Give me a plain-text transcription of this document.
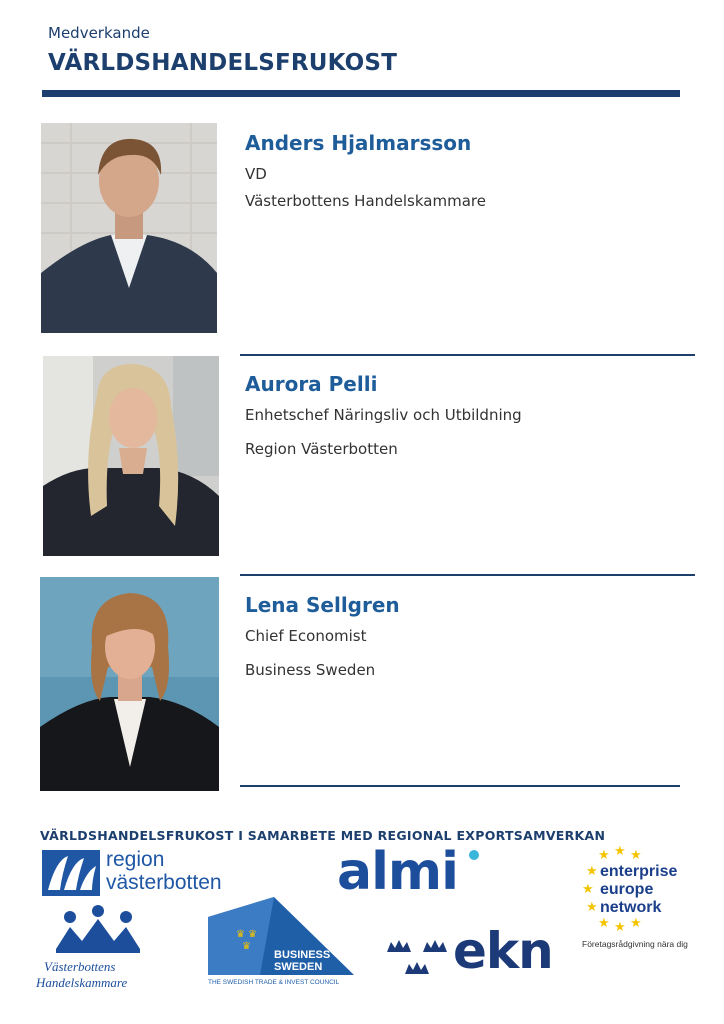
Medverkande
VÄRLDSHANDELSFRUKOST
Anders Hjalmarsson
VD
Västerbottens Handelskammare
Aurora Pelli
Enhetschef Näringsliv och Utbildning
Region Västerbotten
Lena Sellgren
Chief Economist
Business Sweden
VÄRLDSHANDELSFRUKOST I SAMARBETE MED REGIONAL EXPORTSAMVERKAN
region
västerbotten almi	★ ★ ★
★
★
★
★ ★ ★
enterprise
europe
network
Företagsrådgivning nära dig
Västerbottens
Handelskammare
♛ ♛
♛
BUSINESS
SWEDEN
THE SWEDISH TRADE & INVEST COUNCIL
ekn
